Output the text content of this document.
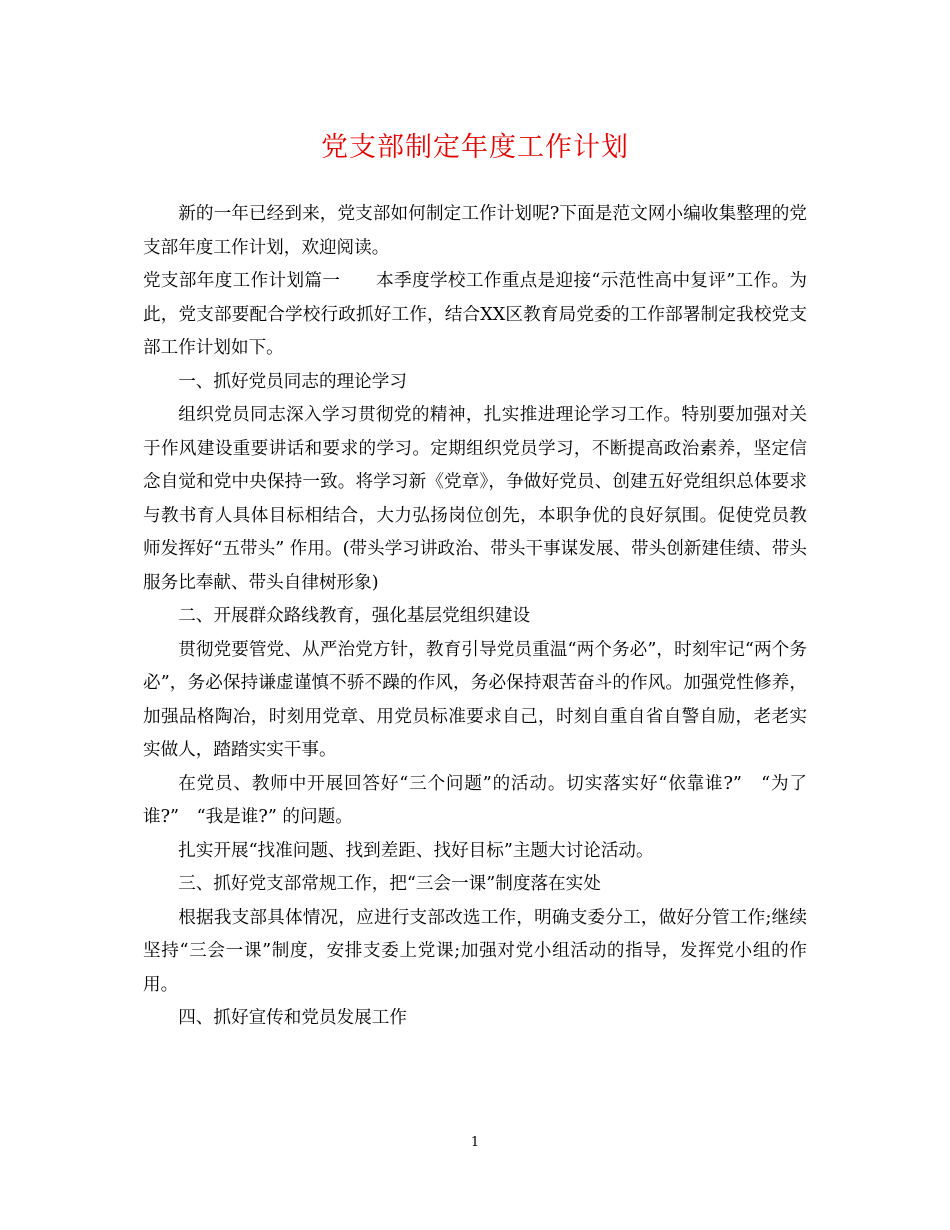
党支部制定年度工作计划

新的一年已经到来，党支部如何制定工作计划呢?下面是范文网小编收集整理的党支部年度工作计划，欢迎阅读。

党支部年度工作计划篇一　　本季度学校工作重点是迎接“示范性高中复评”工作。为此，党支部要配合学校行政抓好工作，结合XX区教育局党委的工作部署制定我校党支部工作计划如下。

一、抓好党员同志的理论学习

组织党员同志深入学习贯彻党的精神，扎实推进理论学习工作。特别要加强对关于作风建设重要讲话和要求的学习。定期组织党员学习，不断提高政治素养，坚定信念自觉和党中央保持一致。将学习新《党章》，争做好党员、创建五好党组织总体要求与教书育人具体目标相结合，大力弘扬岗位创先，本职争优的良好氛围。促使党员教师发挥好“五带头” 作用。(带头学习讲政治、带头干事谋发展、带头创新建佳绩、带头服务比奉献、带头自律树形象)

二、开展群众路线教育，强化基层党组织建设

贯彻党要管党、从严治党方针，教育引导党员重温“两个务必”，时刻牢记“两个务必”，务必保持谦虚谨慎不骄不躁的作风，务必保持艰苦奋斗的作风。加强党性修养，加强品格陶冶，时刻用党章、用党员标准要求自己，时刻自重自省自警自励，老老实实做人，踏踏实实干事。

在党员、教师中开展回答好“三个问题”的活动。切实落实好“依靠谁?”　“为了谁?”　“我是谁?” 的问题。

扎实开展“找准问题、找到差距、找好目标”主题大讨论活动。

三、抓好党支部常规工作，把“三会一课”制度落在实处

根据我支部具体情况，应进行支部改选工作，明确支委分工，做好分管工作;继续坚持“三会一课”制度，安排支委上党课;加强对党小组活动的指导，发挥党小组的作用。

四、抓好宣传和党员发展工作

1
